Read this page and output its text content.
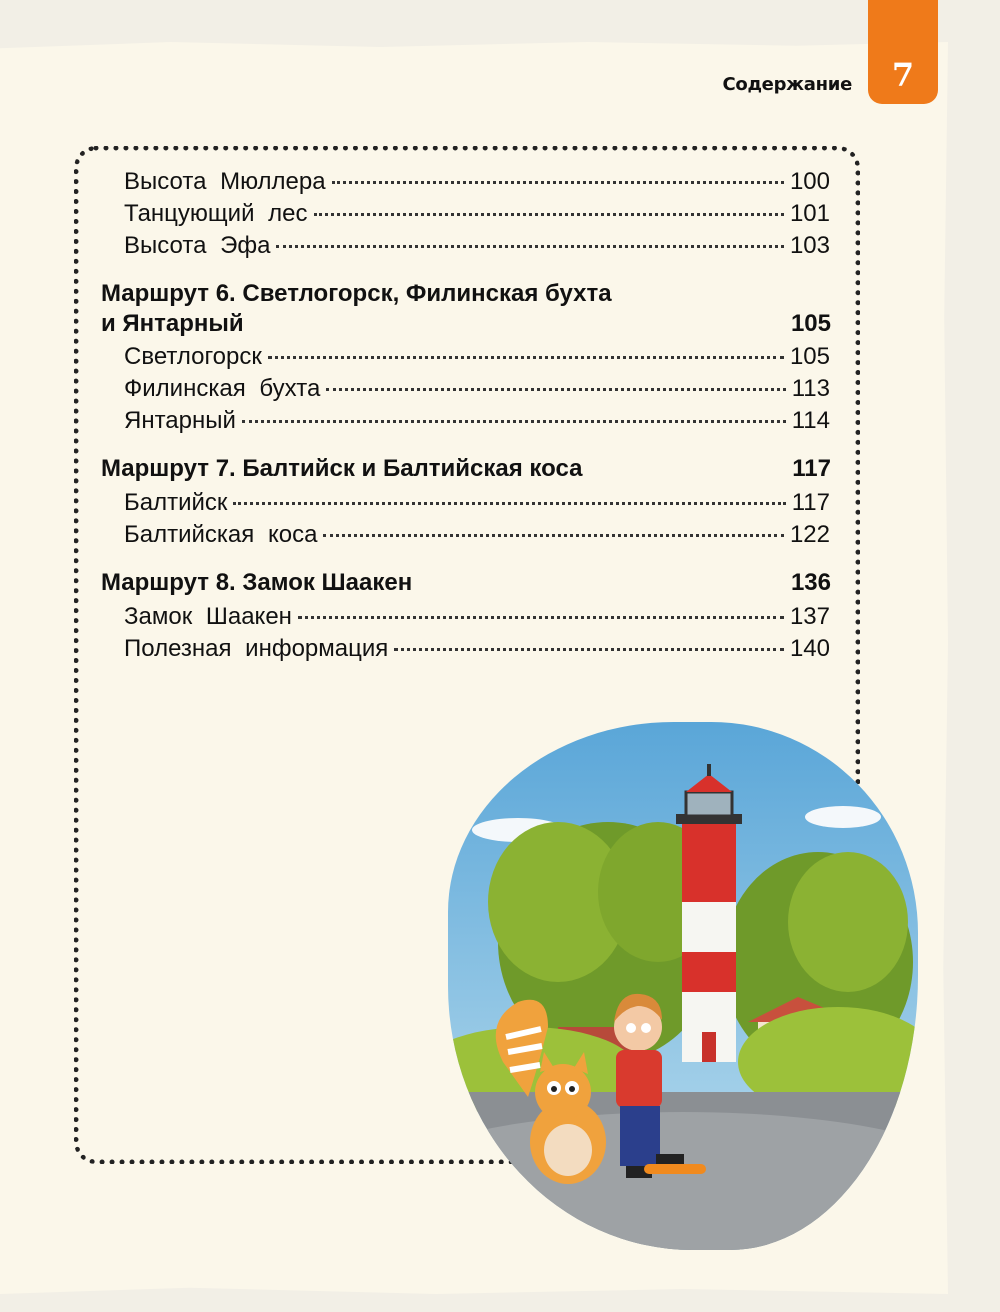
7
Содержание
Высота Мюллера	100
Танцующий лес	101
Высота Эфа	103
Маршрут 6. Светлогорск, Филинская бухта
и Янтарный	105
Светлогорск	105
Филинская бухта	113
Янтарный	114
Маршрут 7. Балтийск и Балтийская коса	117
Балтийск	117
Балтийская коса	122
Маршрут 8. Замок Шаакен	136
Замок Шаакен	137
Полезная информация	140
